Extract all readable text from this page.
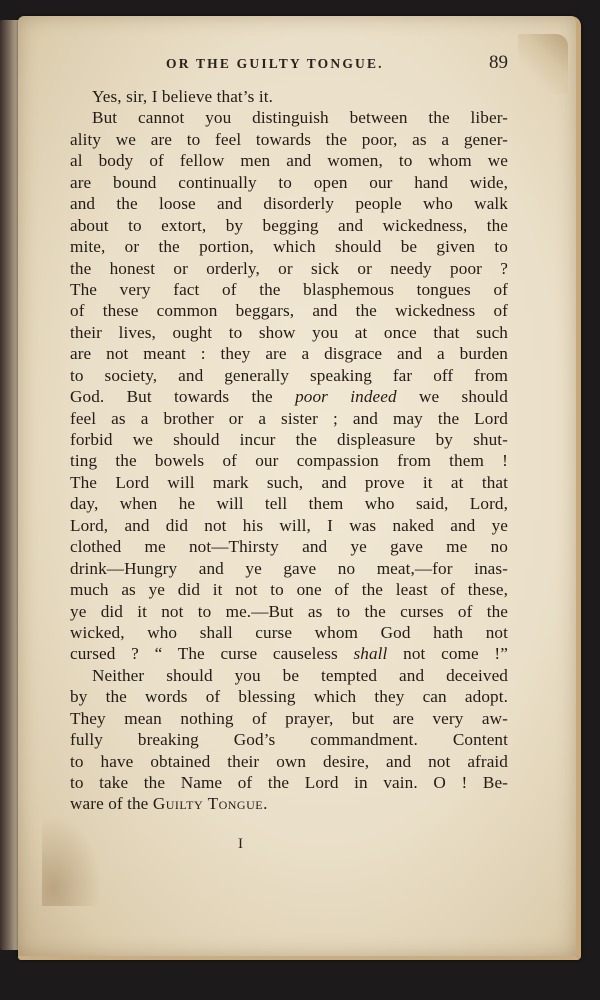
OR THE GUILTY TONGUE.	89
Yes, sir, I believe that’s it.
But cannot you distinguish between the liber-
ality we are to feel towards the poor, as a gener-
al body of fellow men and women, to whom we
are bound continually to open our hand wide,
and the loose and disorderly people who walk
about to extort, by begging and wickedness, the
mite, or the portion, which should be given to
the honest or orderly, or sick or needy poor ?
The very fact of the blasphemous tongues of
of these common beggars, and the wickedness of
their lives, ought to show you at once that such
are not meant : they are a disgrace and a burden
to society, and generally speaking far off from
God. But towards the poor indeed we should
feel as a brother or a sister ; and may the Lord
forbid we should incur the displeasure by shut-
ting the bowels of our compassion from them !
The Lord will mark such, and prove it at that
day, when he will tell them who said, Lord,
Lord, and did not his will, I was naked and ye
clothed me not—Thirsty and ye gave me no
drink—Hungry and ye gave no meat,—for inas-
much as ye did it not to one of the least of these,
ye did it not to me.—But as to the curses of the
wicked, who shall curse whom God hath not
cursed ? “ The curse causeless shall not come !”
Neither should you be tempted and deceived
by the words of blessing which they can adopt.
They mean nothing of prayer, but are very aw-
fully breaking God’s commandment. Content
to have obtained their own desire, and not afraid
to take the Name of the Lord in vain. O ! Be-
ware of the Guilty Tongue.
I
